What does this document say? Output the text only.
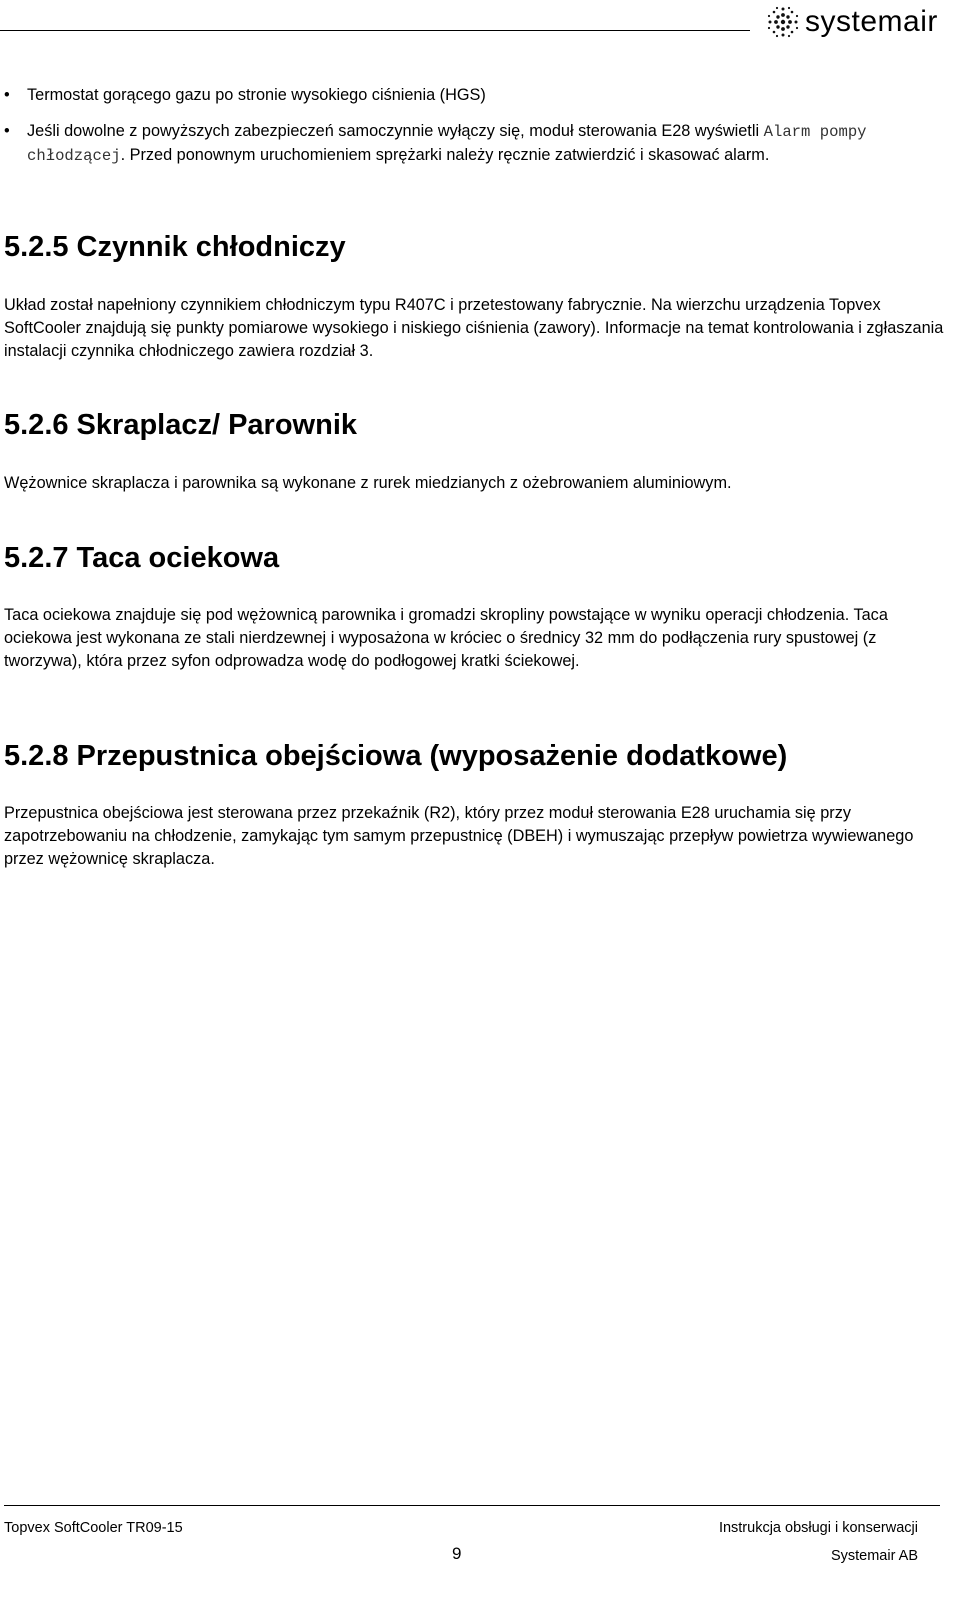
systemair
• Termostat gorącego gazu po stronie wysokiego ciśnienia (HGS)
• Jeśli dowolne z powyższych zabezpieczeń samoczynnie wyłączy się, moduł sterowania E28 wyświetli Alarm pompy chłodzącej. Przed ponownym uruchomieniem sprężarki należy ręcznie zatwierdzić i skasować alarm.
5.2.5 Czynnik chłodniczy

Układ został napełniony czynnikiem chłodniczym typu R407C i przetestowany fabrycznie. Na wierzchu urządzenia Topvex SoftCooler znajdują się punkty pomiarowe wysokiego i niskiego ciśnienia (zawory). Informacje na temat kontrolowania i zgłaszania instalacji czynnika chłodniczego zawiera rozdział 3.

5.2.6 Skraplacz/ Parownik

Wężownice skraplacza i parownika są wykonane z rurek miedzianych z ożebrowaniem aluminiowym.

5.2.7 Taca ociekowa

Taca ociekowa znajduje się pod wężownicą parownika i gromadzi skropliny powstające w wyniku operacji chłodzenia. Taca ociekowa jest wykonana ze stali nierdzewnej i wyposażona w króciec o średnicy 32 mm do podłączenia rury spustowej (z tworzywa), która przez syfon odprowadza wodę do podłogowej kratki ściekowej.

5.2.8 Przepustnica obejściowa (wyposażenie dodatkowe)

Przepustnica obejściowa jest sterowana przez przekaźnik (R2), który przez moduł sterowania E28 uruchamia się przy zapotrzebowaniu na chłodzenie, zamykając tym samym przepustnicę (DBEH) i wymuszając przepływ powietrza wywiewanego przez wężownicę skraplacza.

Topvex SoftCooler TR09-15	Instrukcja obsługi i konserwacji
9	Systemair AB
